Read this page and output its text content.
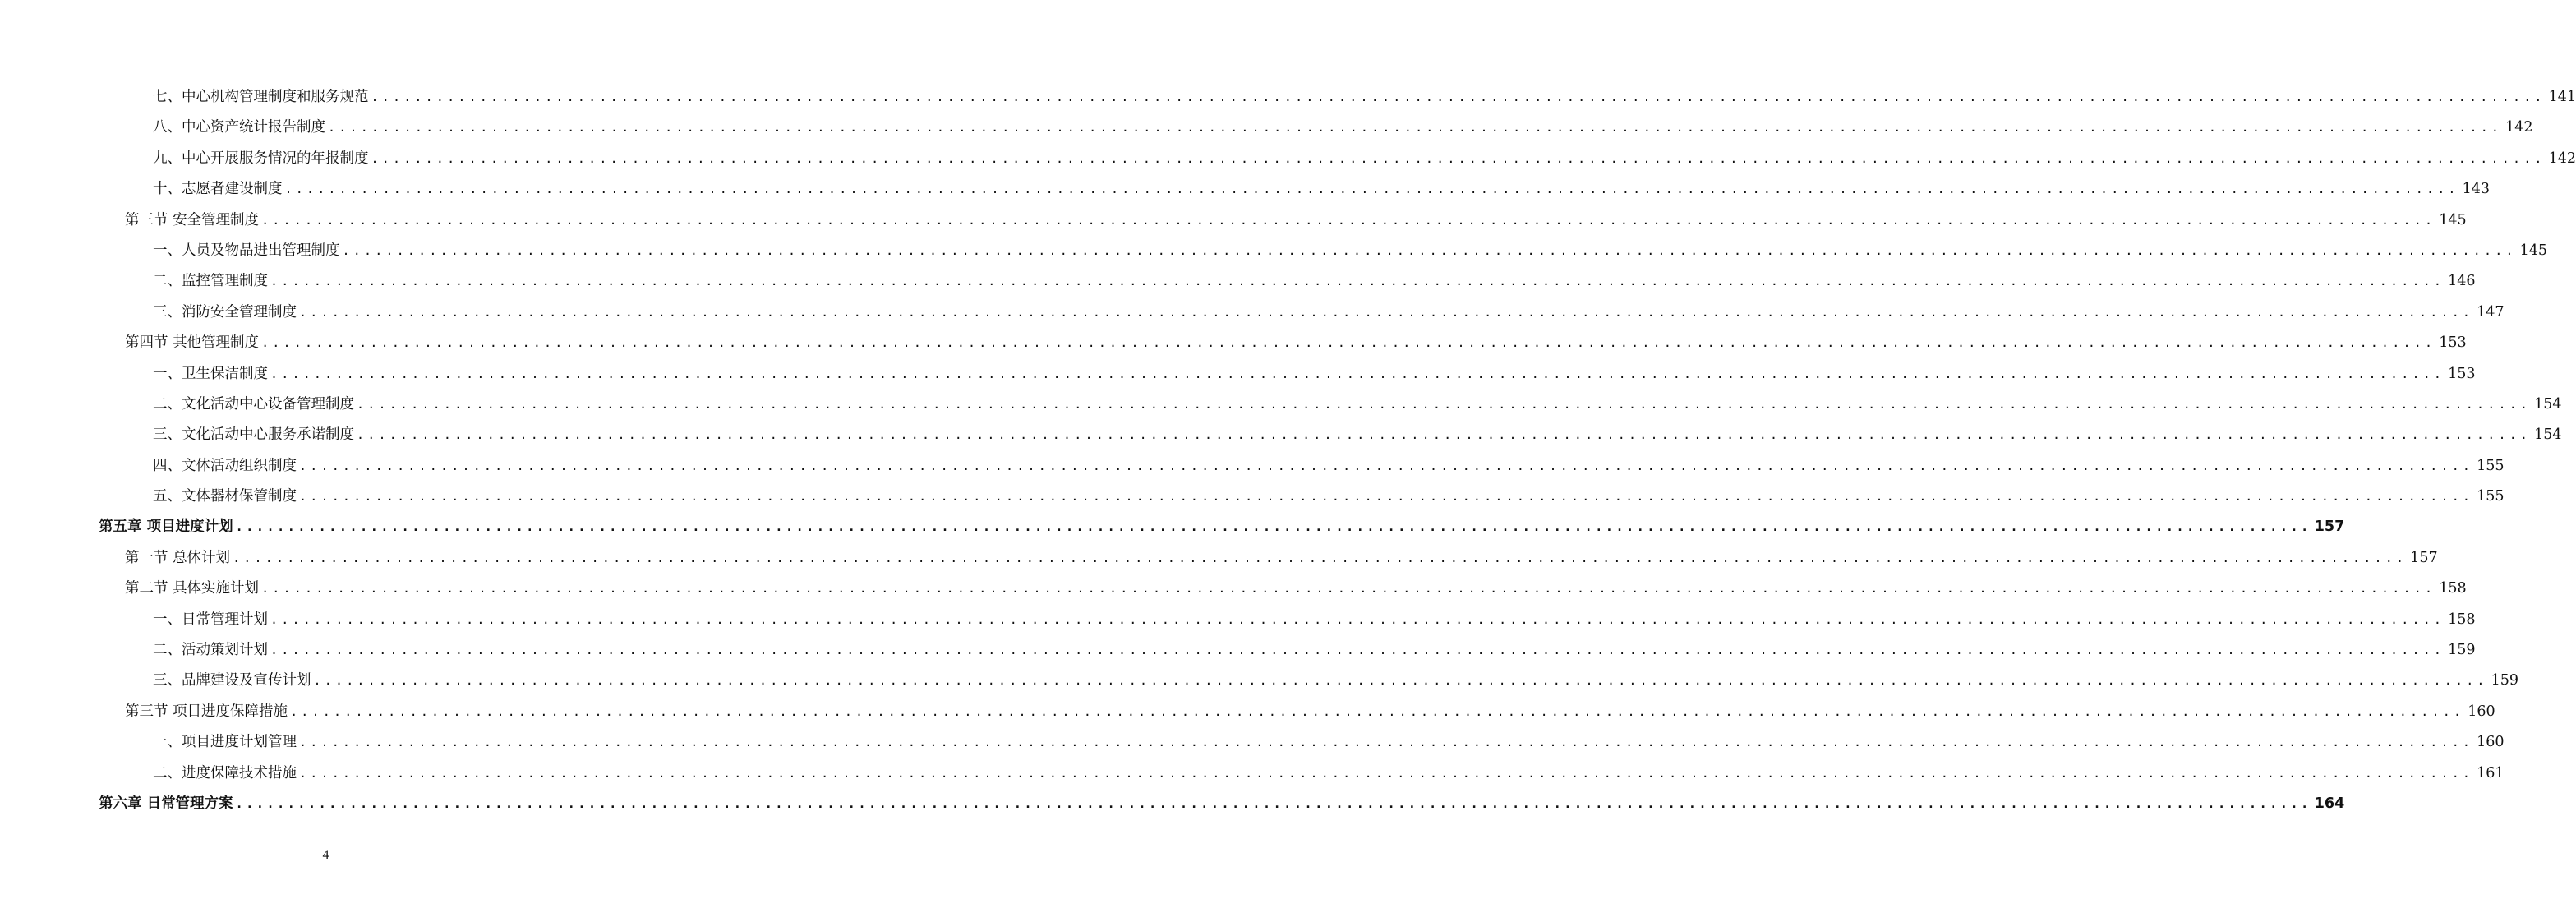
七、中心机构管理制度和服务规范 ........................................................................................................................................................................................................ 141
八、中心资产统计报告制度 ........................................................................................................................................................................................................ 142
九、中心开展服务情况的年报制度 ........................................................................................................................................................................................................ 142
十、志愿者建设制度 ........................................................................................................................................................................................................ 143
第三节 安全管理制度 ........................................................................................................................................................................................................ 145
一、人员及物品进出管理制度 ........................................................................................................................................................................................................ 145
二、监控管理制度 ........................................................................................................................................................................................................ 146
三、消防安全管理制度 ........................................................................................................................................................................................................ 147
第四节 其他管理制度 ........................................................................................................................................................................................................ 153
一、卫生保洁制度 ........................................................................................................................................................................................................ 153
二、文化活动中心设备管理制度 ........................................................................................................................................................................................................ 154
三、文化活动中心服务承诺制度 ........................................................................................................................................................................................................ 154
四、文体活动组织制度 ........................................................................................................................................................................................................ 155
五、文体器材保管制度 ........................................................................................................................................................................................................ 155
第五章 项目进度计划 ........................................................................................................................................................................................................ 157
第一节 总体计划 ........................................................................................................................................................................................................ 157
第二节 具体实施计划 ........................................................................................................................................................................................................ 158
一、日常管理计划 ........................................................................................................................................................................................................ 158
二、活动策划计划 ........................................................................................................................................................................................................ 159
三、品牌建设及宣传计划 ........................................................................................................................................................................................................ 159
第三节 项目进度保障措施 ........................................................................................................................................................................................................ 160
一、项目进度计划管理 ........................................................................................................................................................................................................ 160
二、进度保障技术措施 ........................................................................................................................................................................................................ 161
第六章 日常管理方案 ........................................................................................................................................................................................................ 164
4
